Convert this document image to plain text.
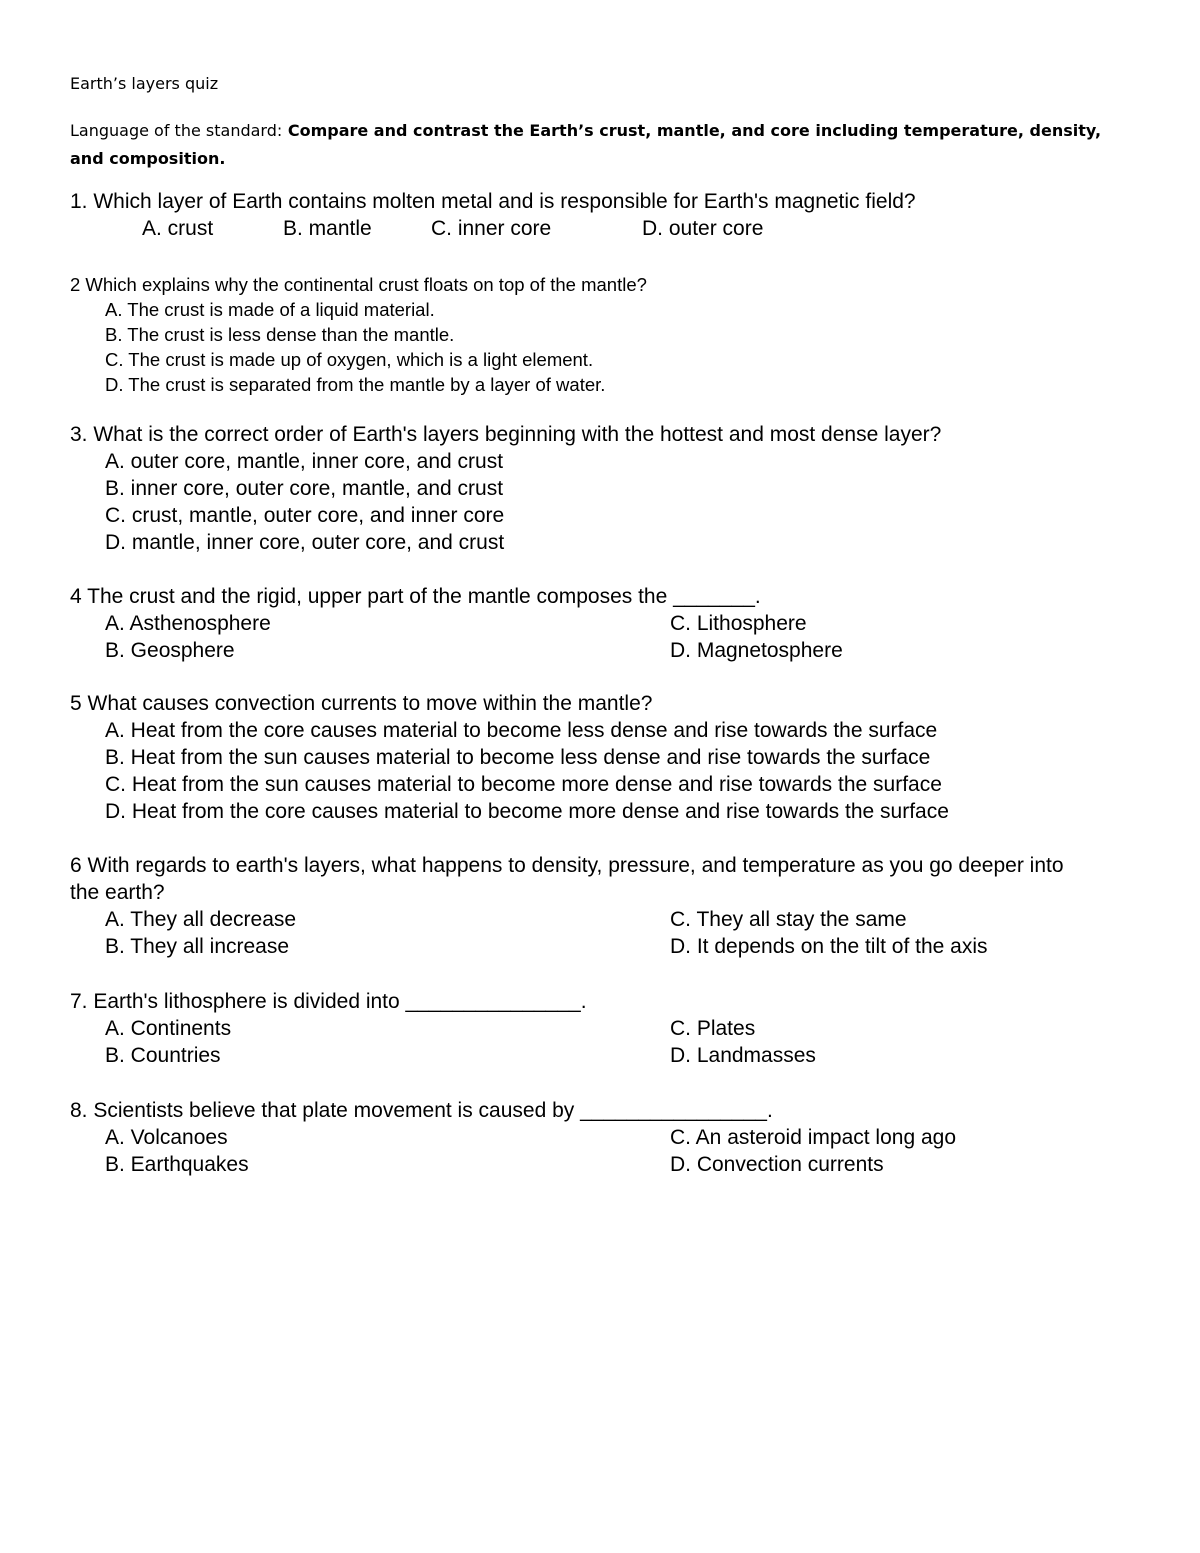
Earth’s layers quiz
Language of the standard: Compare and contrast the Earth’s crust, mantle, and core including temperature, density, and composition.
1. Which layer of Earth contains molten metal and is responsible for Earth's magnetic field?
A. crust	B. mantle	C. inner core	D. outer core
2 Which explains why the continental crust floats on top of the mantle?
A. The crust is made of a liquid material.
B. The crust is less dense than the mantle.
C. The crust is made up of oxygen, which is a light element.
D. The crust is separated from the mantle by a layer of water.
3. What is the correct order of Earth's layers beginning with the hottest and most dense layer?
A. outer core, mantle, inner core, and crust
B. inner core, outer core, mantle, and crust
C. crust, mantle, outer core, and inner core
D. mantle, inner core, outer core, and crust
4 The crust and the rigid, upper part of the mantle composes the _______.
A. Asthenosphere	C. Lithosphere
B. Geosphere	D. Magnetosphere
5 What causes convection currents to move within the mantle?
A. Heat from the core causes material to become less dense and rise towards the surface
B. Heat from the sun causes material to become less dense and rise towards the surface
C. Heat from the sun causes material to become more dense and rise towards the surface
D. Heat from the core causes material to become more dense and rise towards the surface
6 With regards to earth's layers, what happens to density, pressure, and temperature as you go deeper into the earth?
A. They all decrease	C. They all stay the same
B. They all increase	D. It depends on the tilt of the axis
7. Earth's lithosphere is divided into _______________.
A. Continents	C. Plates
B. Countries	D. Landmasses
8. Scientists believe that plate movement is caused by ________________.
A. Volcanoes	C. An asteroid impact long ago
B. Earthquakes	D. Convection currents
